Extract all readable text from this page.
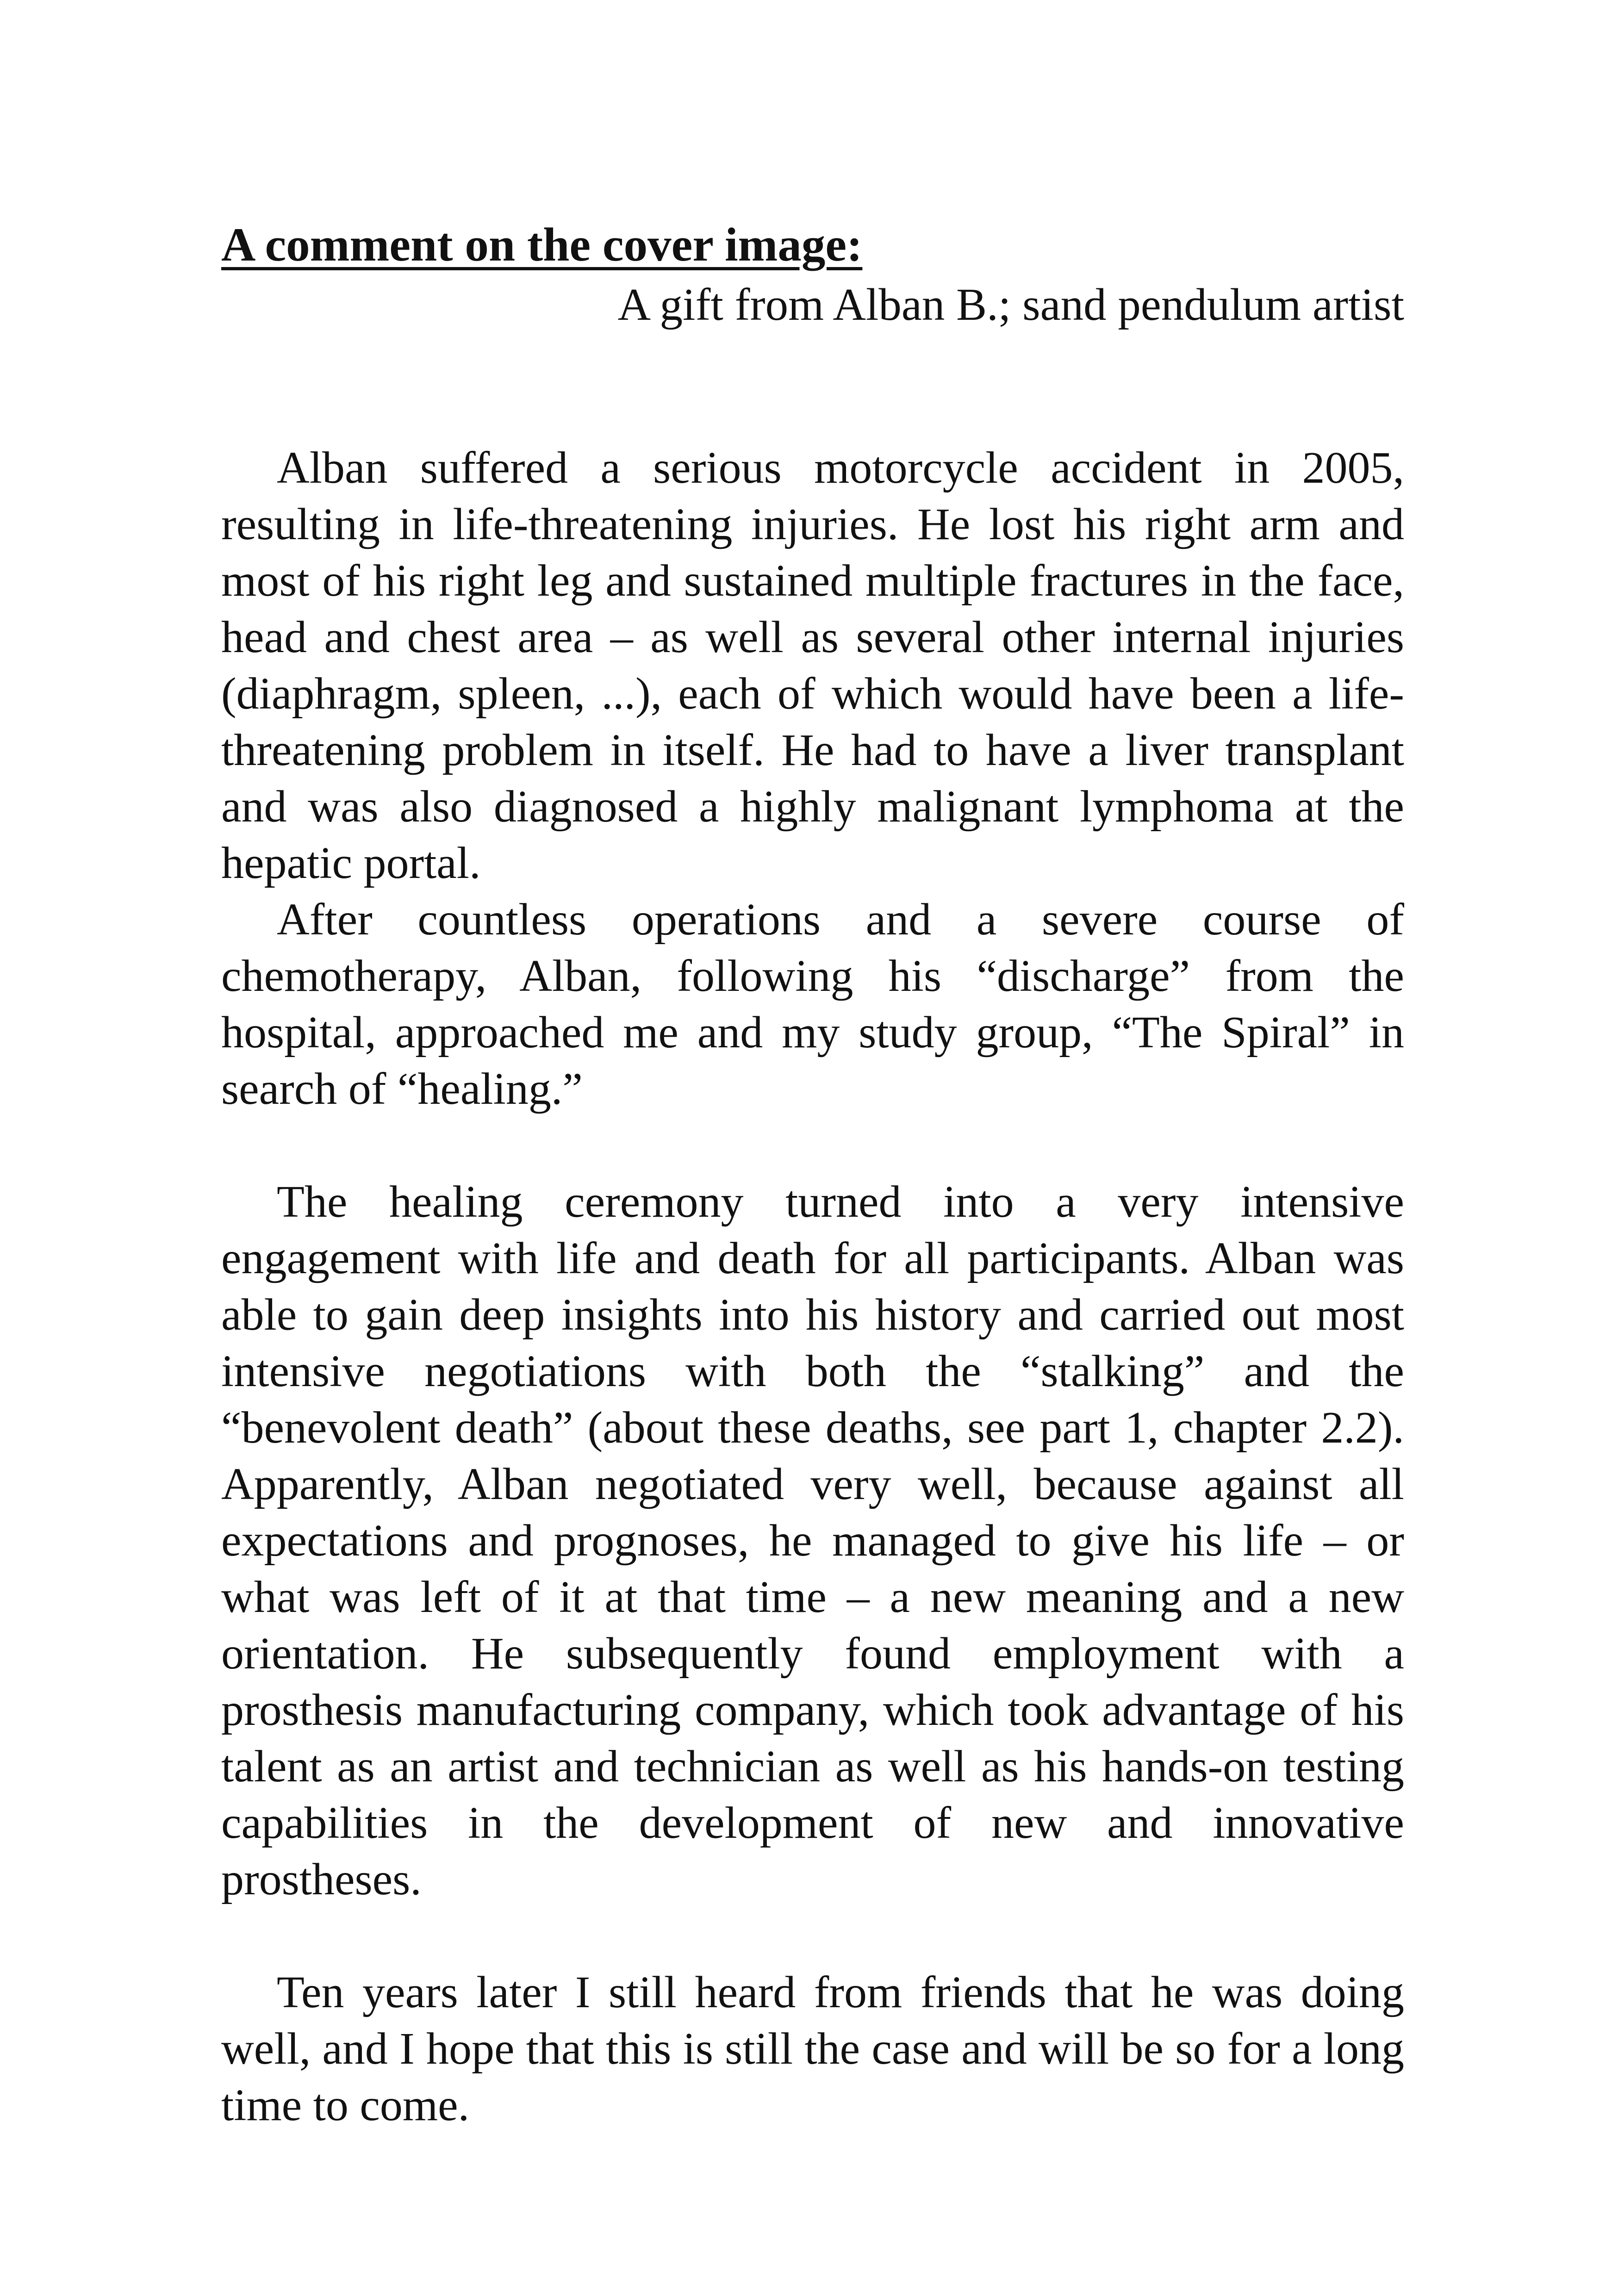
A comment on the cover image:
A gift from Alban B.; sand pendulum artist

Alban suffered a serious motorcycle accident in 2005, resulting in life-threatening injuries. He lost his right arm and most of his right leg and sustained multiple fractures in the face, head and chest area – as well as several other internal injuries (diaphragm, spleen, ...), each of which would have been a life-threatening problem in itself. He had to have a liver transplant and was also diagnosed a highly malignant lymphoma at the hepatic portal.

After countless operations and a severe course of chemotherapy, Alban, following his “discharge” from the hospital, approached me and my study group, “The Spiral” in search of “healing.”

The healing ceremony turned into a very intensive engagement with life and death for all participants. Alban was able to gain deep insights into his history and carried out most intensive negotiations with both the “stalking” and the “benevolent death” (about these deaths, see part 1, chapter 2.2). Apparently, Alban negotiated very well, because against all expectations and prognoses, he managed to give his life – or what was left of it at that time – a new meaning and a new orientation. He subsequently found employment with a prosthesis manufacturing company, which took advantage of his talent as an artist and technician as well as his hands-on testing capabilities in the development of new and innovative prostheses.

Ten years later I still heard from friends that he was doing well, and I hope that this is still the case and will be so for a long time to come.
